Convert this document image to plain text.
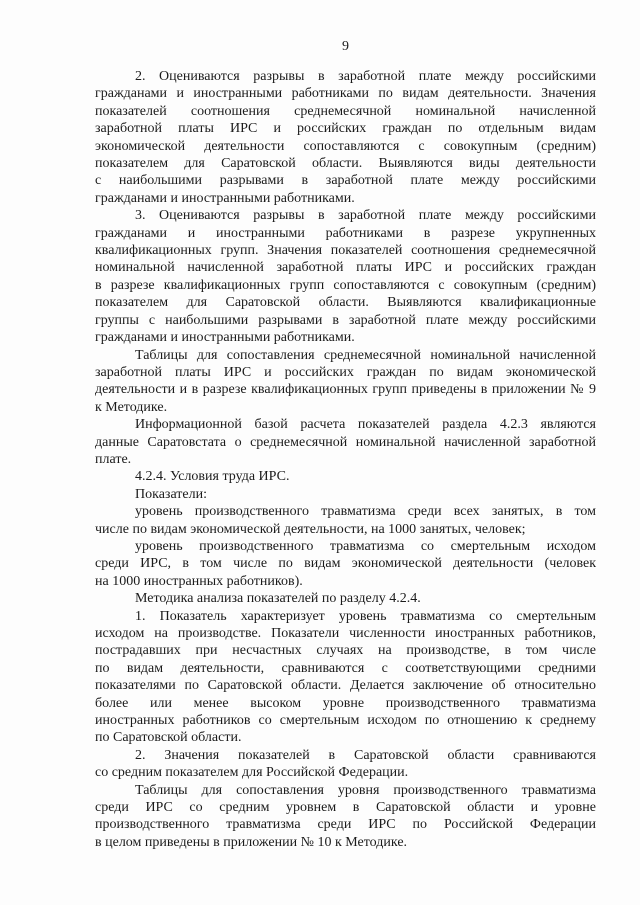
9
2. Оцениваются разрывы в заработной плате между российскими
гражданами и иностранными работниками по видам деятельности. Значения
показателей соотношения среднемесячной номинальной начисленной
заработной платы ИРС и российских граждан по отдельным видам
экономической деятельности сопоставляются с совокупным (средним)
показателем для Саратовской области. Выявляются виды деятельности
с наибольшими разрывами в заработной плате между российскими
гражданами и иностранными работниками.
3. Оцениваются разрывы в заработной плате между российскими
гражданами и иностранными работниками в разрезе укрупненных
квалификационных групп. Значения показателей соотношения среднемесячной
номинальной начисленной заработной платы ИРС и российских граждан
в разрезе квалификационных групп сопоставляются с совокупным (средним)
показателем для Саратовской области. Выявляются квалификационные
группы с наибольшими разрывами в заработной плате между российскими
гражданами и иностранными работниками.
Таблицы для сопоставления среднемесячной номинальной начисленной
заработной платы ИРС и российских граждан по видам экономической
деятельности и в разрезе квалификационных групп приведены в приложении № 9
к Методике.
Информационной базой расчета показателей раздела 4.2.3 являются
данные Саратовстата о среднемесячной номинальной начисленной заработной
плате.
4.2.4. Условия труда ИРС.
Показатели:
уровень производственного травматизма среди всех занятых, в том
числе по видам экономической деятельности, на 1000 занятых, человек;
уровень производственного травматизма со смертельным исходом
среди ИРС, в том числе по видам экономической деятельности (человек
на 1000 иностранных работников).
Методика анализа показателей по разделу 4.2.4.
1. Показатель характеризует уровень травматизма со смертельным
исходом на производстве. Показатели численности иностранных работников,
пострадавших при несчастных случаях на производстве, в том числе
по видам деятельности, сравниваются с соответствующими средними
показателями по Саратовской области. Делается заключение об относительно
более или менее высоком уровне производственного травматизма
иностранных работников со смертельным исходом по отношению к среднему
по Саратовской области.
2. Значения показателей в Саратовской области сравниваются
со средним показателем для Российской Федерации.
Таблицы для сопоставления уровня производственного травматизма
среди ИРС со средним уровнем в Саратовской области и уровне
производственного травматизма среди ИРС по Российской Федерации
в целом приведены в приложении № 10 к Методике.
